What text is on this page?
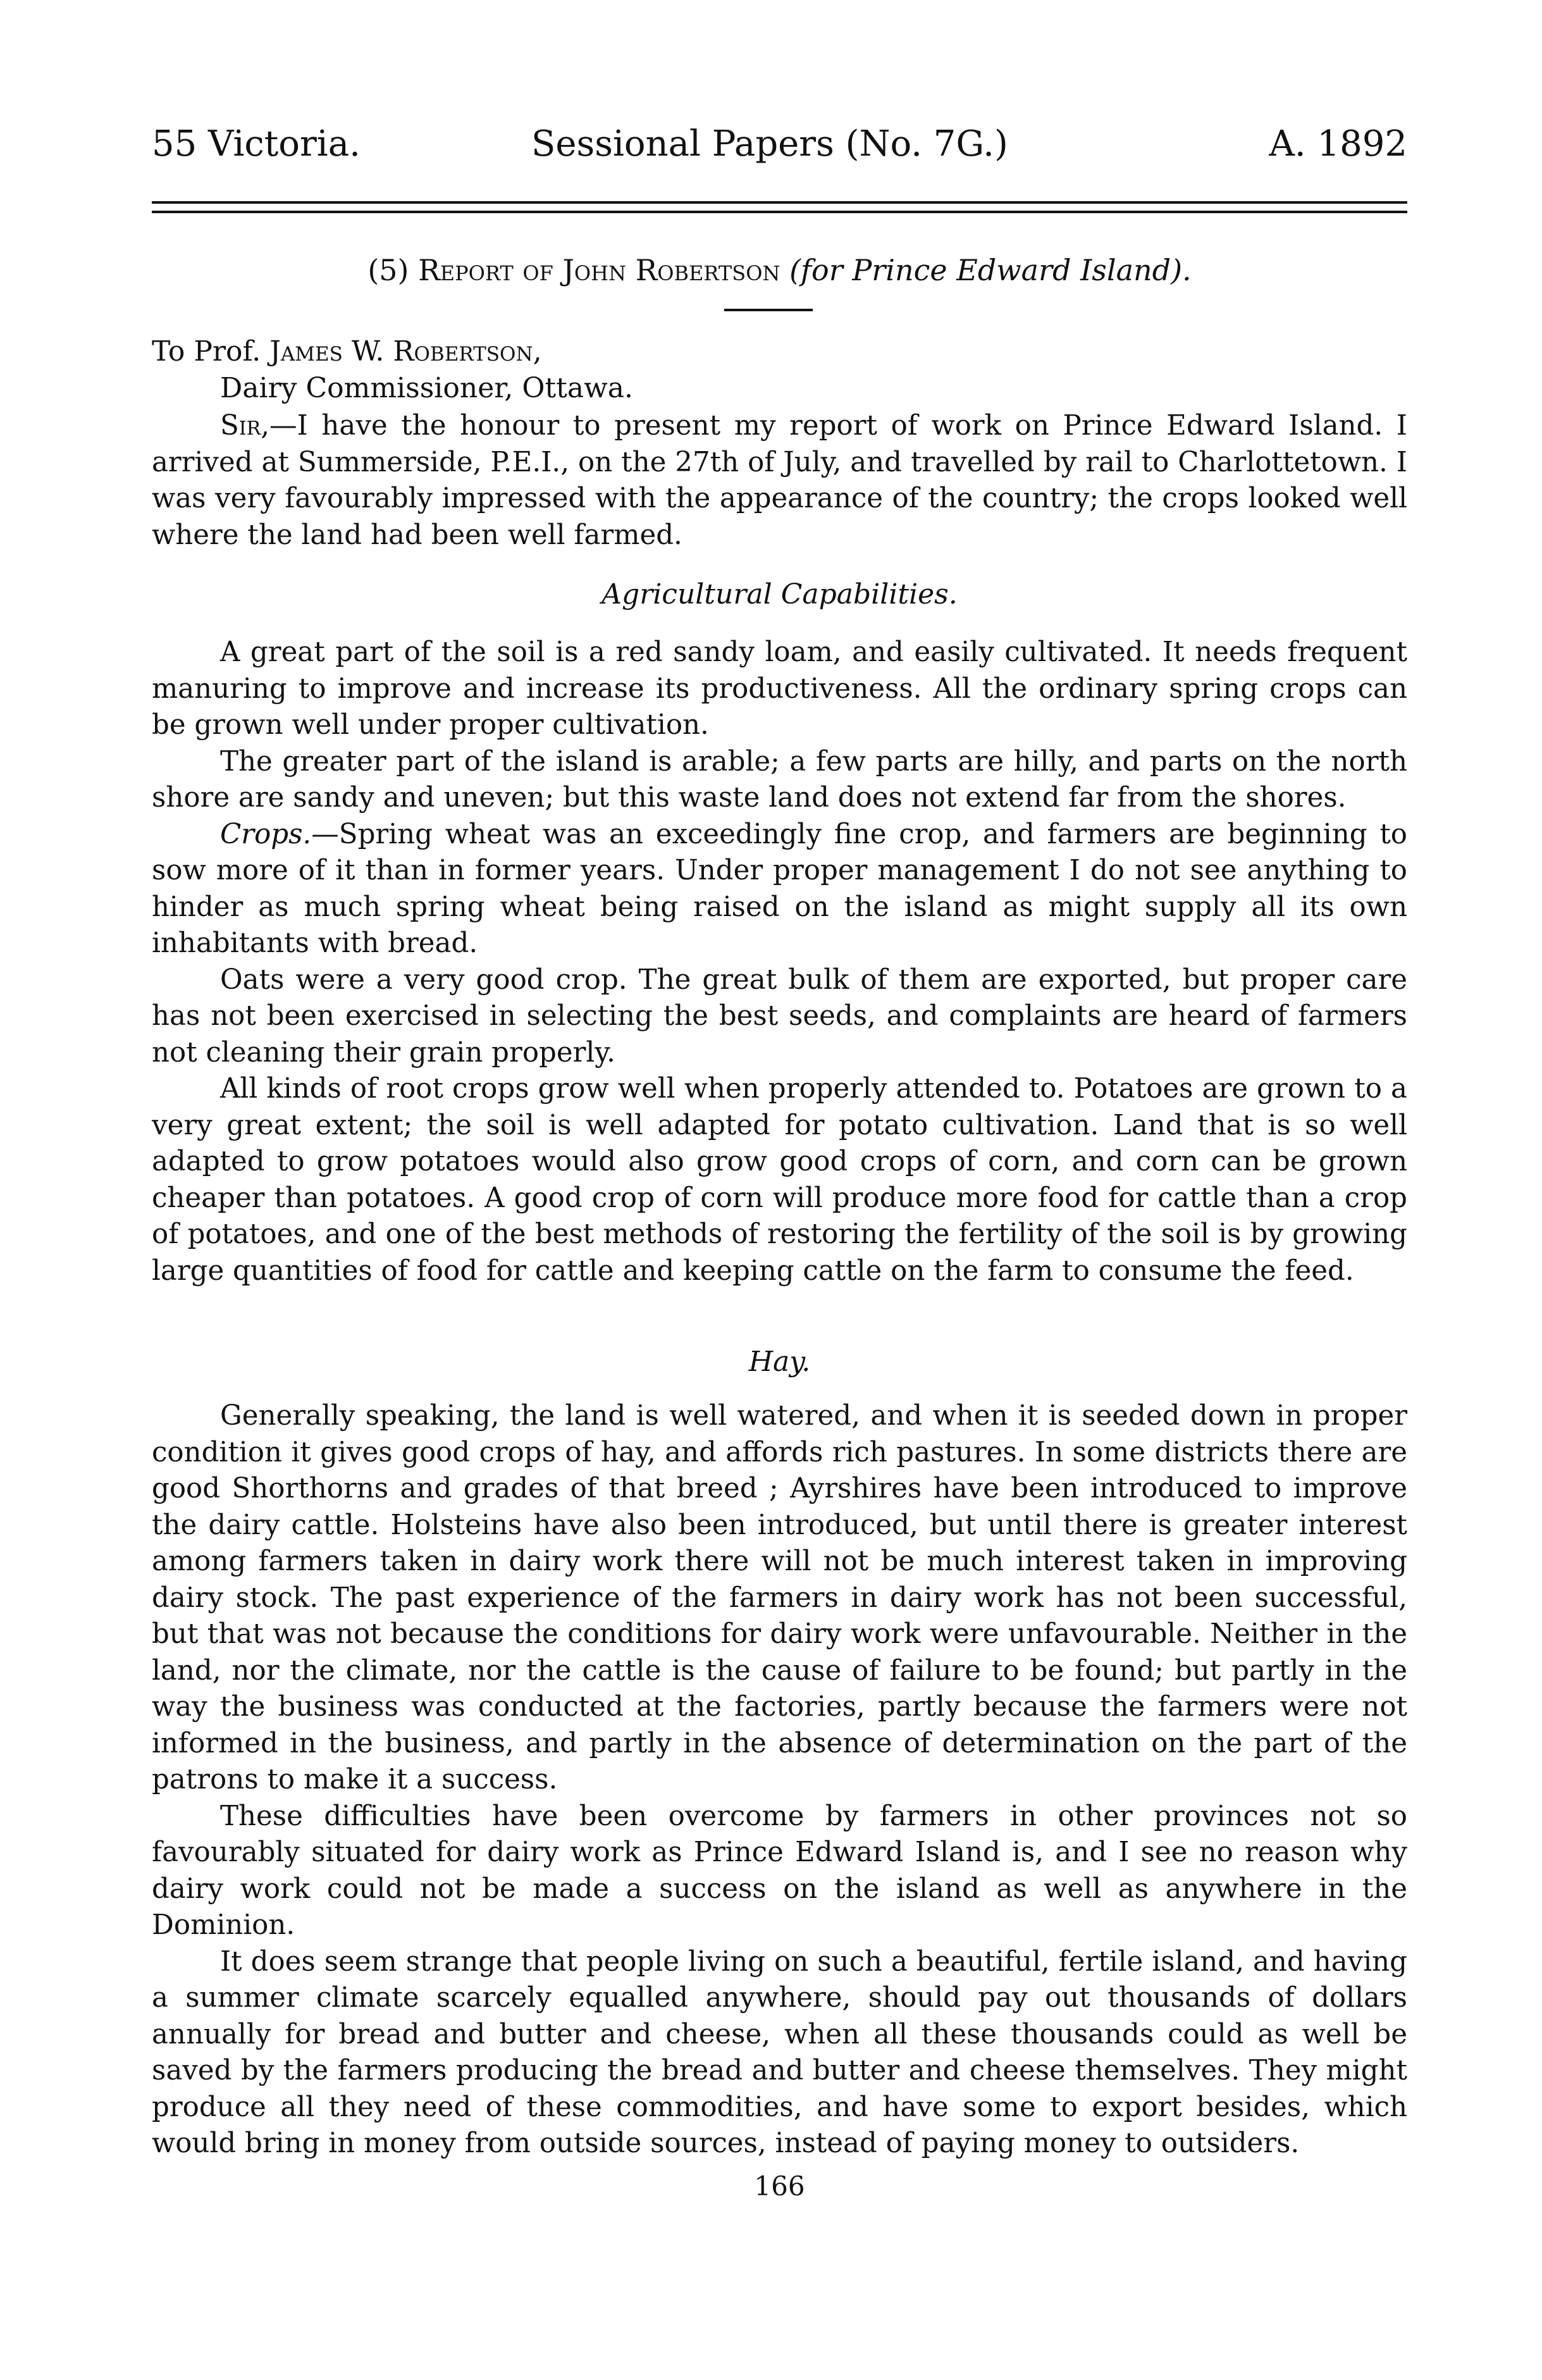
55 Victoria.	Sessional Papers (No. 7G.)	A. 1892
(5) Report of John Robertson (for Prince Edward Island).
To Prof. James W. Robertson,
Dairy Commissioner, Ottawa.

Sir,—I have the honour to present my report of work on Prince Edward Island. I arrived at Summerside, P.E.I., on the 27th of July, and travelled by rail to Charlottetown. I was very favourably impressed with the appearance of the country; the crops looked well where the land had been well farmed.

Agricultural Capabilities.

A great part of the soil is a red sandy loam, and easily cultivated. It needs frequent manuring to improve and increase its productiveness. All the ordinary spring crops can be grown well under proper cultivation.

The greater part of the island is arable; a few parts are hilly, and parts on the north shore are sandy and uneven; but this waste land does not extend far from the shores.

Crops.—Spring wheat was an exceedingly fine crop, and farmers are beginning to sow more of it than in former years. Under proper management I do not see anything to hinder as much spring wheat being raised on the island as might supply all its own inhabitants with bread.

Oats were a very good crop. The great bulk of them are exported, but proper care has not been exercised in selecting the best seeds, and complaints are heard of farmers not cleaning their grain properly.

All kinds of root crops grow well when properly attended to. Potatoes are grown to a very great extent; the soil is well adapted for potato cultivation. Land that is so well adapted to grow potatoes would also grow good crops of corn, and corn can be grown cheaper than potatoes. A good crop of corn will produce more food for cattle than a crop of potatoes, and one of the best methods of restoring the fertility of the soil is by growing large quantities of food for cattle and keeping cattle on the farm to consume the feed.

Hay.

Generally speaking, the land is well watered, and when it is seeded down in proper condition it gives good crops of hay, and affords rich pastures. In some districts there are good Shorthorns and grades of that breed ; Ayrshires have been introduced to improve the dairy cattle. Holsteins have also been introduced, but until there is greater interest among farmers taken in dairy work there will not be much interest taken in improving dairy stock. The past experience of the farmers in dairy work has not been successful, but that was not because the conditions for dairy work were unfavourable. Neither in the land, nor the climate, nor the cattle is the cause of failure to be found; but partly in the way the business was conducted at the factories, partly because the farmers were not informed in the business, and partly in the absence of determination on the part of the patrons to make it a success.

These difficulties have been overcome by farmers in other provinces not so favourably situated for dairy work as Prince Edward Island is, and I see no reason why dairy work could not be made a success on the island as well as anywhere in the Dominion.

It does seem strange that people living on such a beautiful, fertile island, and having a summer climate scarcely equalled anywhere, should pay out thousands of dollars annually for bread and butter and cheese, when all these thousands could as well be saved by the farmers producing the bread and butter and cheese themselves. They might produce all they need of these commodities, and have some to export besides, which would bring in money from outside sources, instead of paying money to outsiders.

166
